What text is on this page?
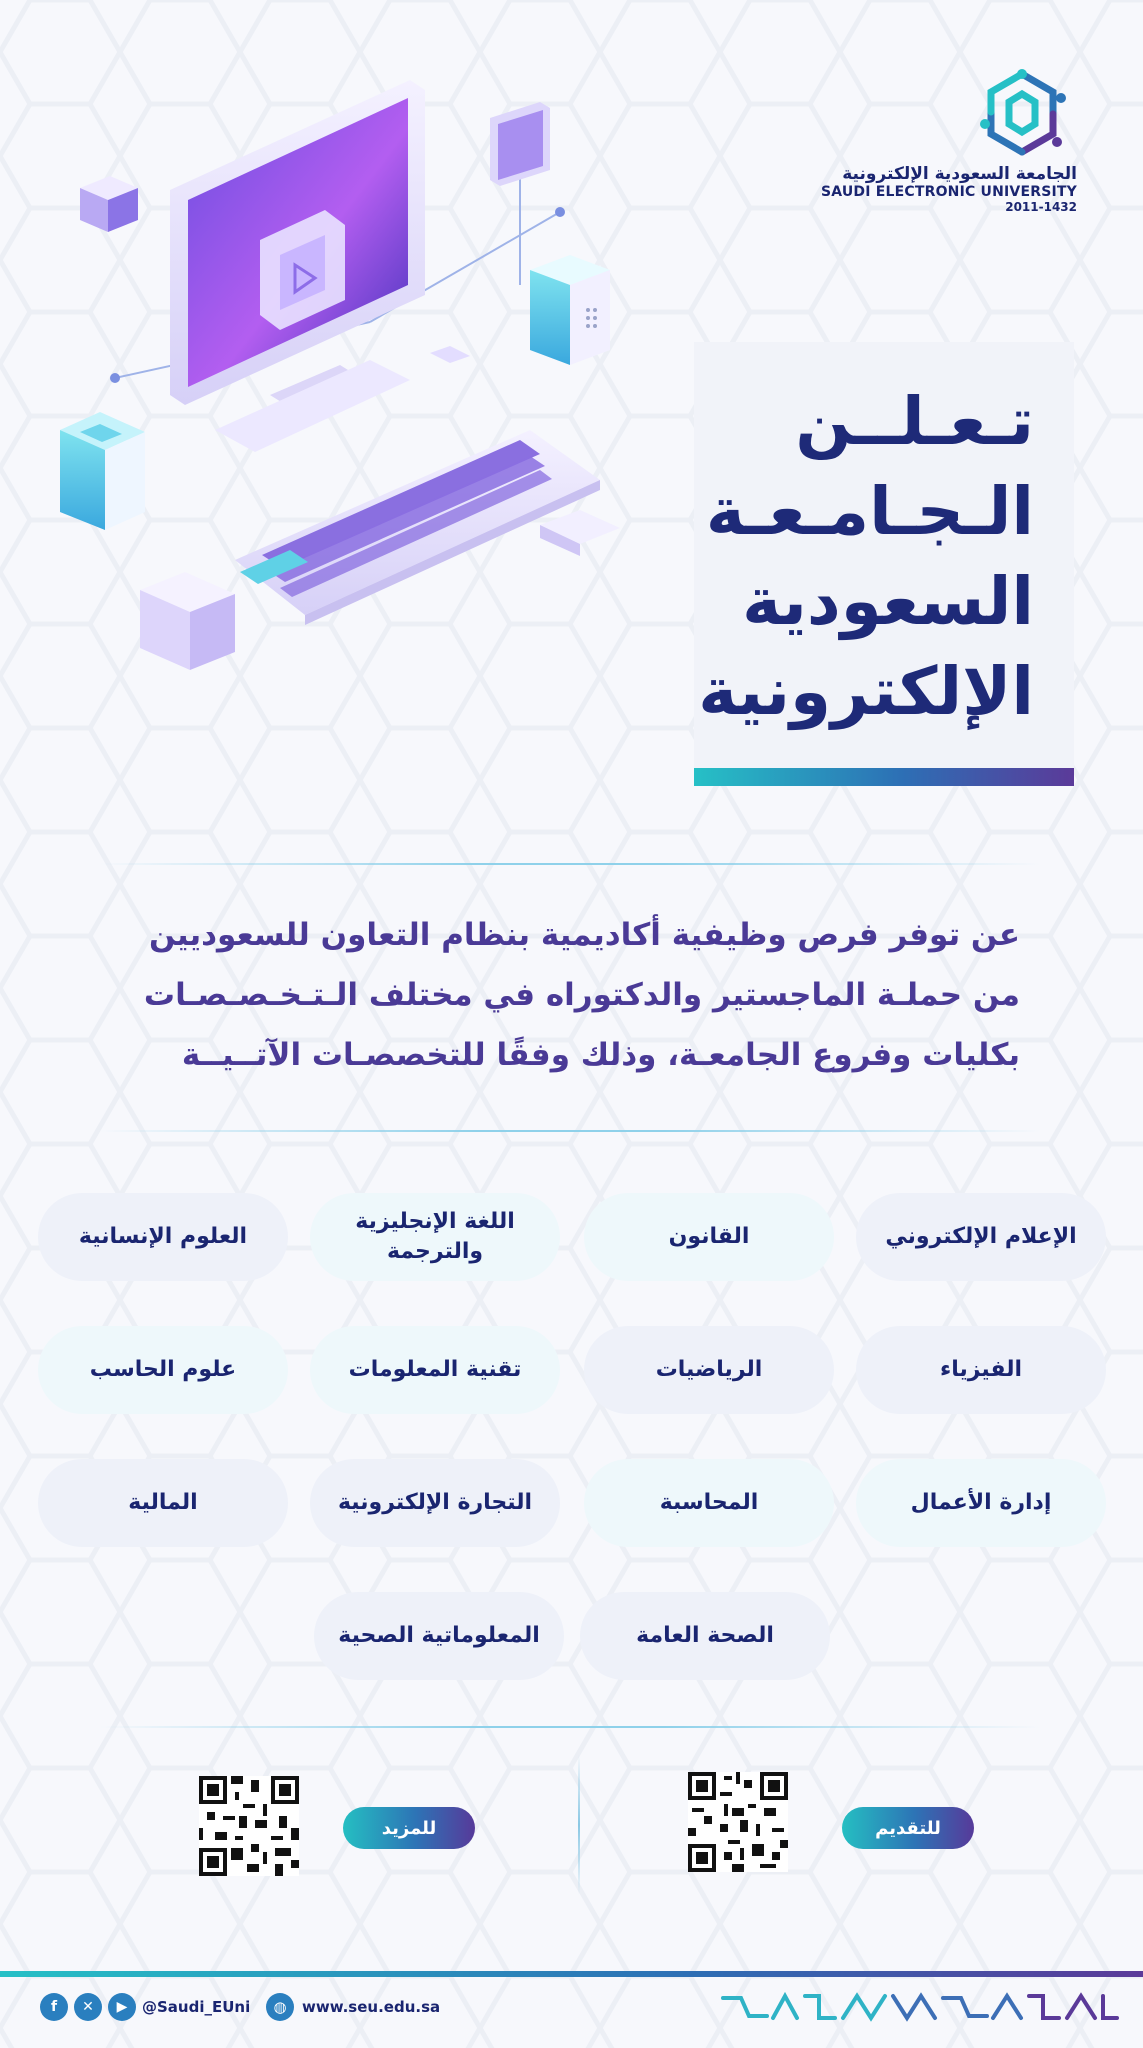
الجامعة السعودية الإلكترونية
SAUDI ELECTRONIC UNIVERSITY
2011-1432
تـعـلــن
الـجـامـعـة
السعودية
الإلكترونية
عن توفر فرص وظيفية أكاديمية بنظام التعاون للسعوديين
من حملـة الماجستير والدكتوراه في مختلف الـتـخـصـصـات
بكليات وفروع الجامعـة، وذلك وفقًا للتخصصـات الآتــيــة
الإعلام الإلكتروني
القانون
اللغة الإنجليزية والترجمة
العلوم الإنسانية
الفيزياء
الرياضيات
تقنية المعلومات
علوم الحاسب
إدارة الأعمال
المحاسبة
التجارة الإلكترونية
المالية
الصحة العامة
المعلوماتية الصحية
للتقديم
للمزيد
f	✕	▶ @Saudi_EUni	◍	www.seu.edu.sa
